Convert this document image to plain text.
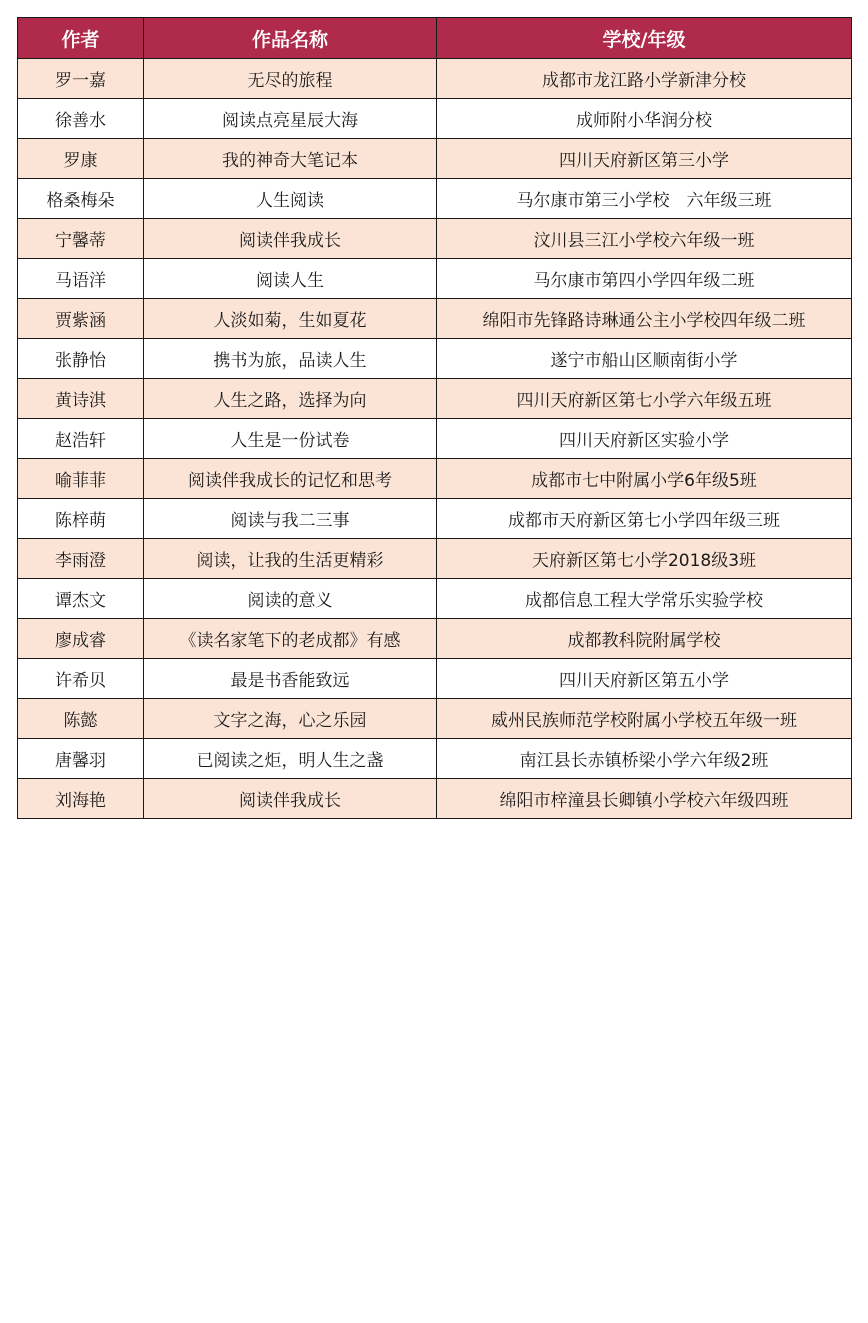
作者	作品名称	学校/年级
罗一嘉	无尽的旅程	成都市龙江路小学新津分校
徐善水	阅读点亮星辰大海	成师附小华润分校
罗康	我的神奇大笔记本	四川天府新区第三小学
格桑梅朵	人生阅读	马尔康市第三小学校　六年级三班
宁馨蒂	阅读伴我成长	汶川县三江小学校六年级一班
马语洋	阅读人生	马尔康市第四小学四年级二班
贾紫涵	人淡如菊，生如夏花	绵阳市先锋路诗琳通公主小学校四年级二班
张静怡	携书为旅，品读人生	遂宁市船山区顺南街小学
黄诗淇	人生之路，选择为向	四川天府新区第七小学六年级五班
赵浩轩	人生是一份试卷	四川天府新区实验小学
喻菲菲	阅读伴我成长的记忆和思考	成都市七中附属小学6年级5班
陈梓萌	阅读与我二三事	成都市天府新区第七小学四年级三班
李雨澄	阅读，让我的生活更精彩	天府新区第七小学2018级3班
谭杰文	阅读的意义	成都信息工程大学常乐实验学校
廖成睿	《读名家笔下的老成都》有感	成都教科院附属学校
许希贝	最是书香能致远	四川天府新区第五小学
陈懿	文字之海，心之乐园	威州民族师范学校附属小学校五年级一班
唐馨羽	已阅读之炬，明人生之盏	南江县长赤镇桥梁小学六年级2班
刘海艳	阅读伴我成长	绵阳市梓潼县长卿镇小学校六年级四班
